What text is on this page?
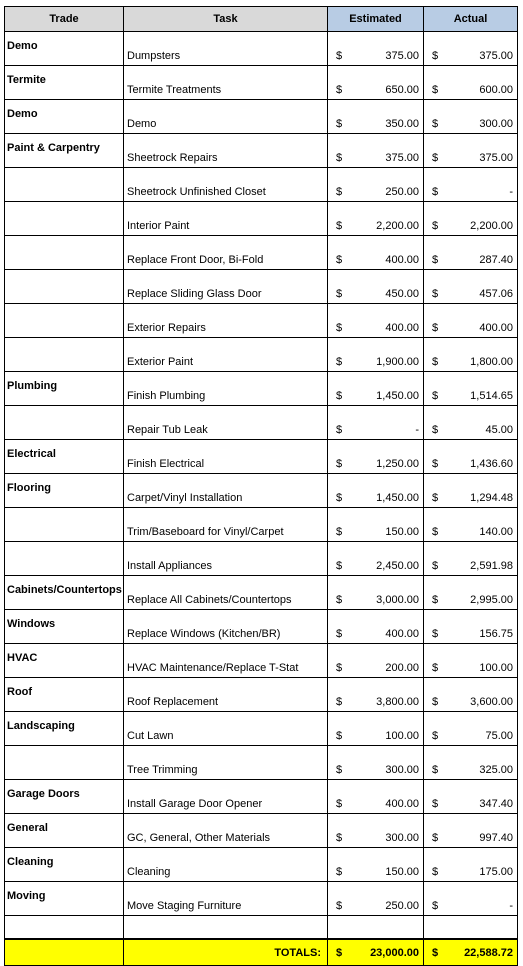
Trade	Task	Estimated	Actual
Demo	Dumpsters	$ 375.00	$ 375.00

Termite	Termite Treatments	$ 650.00	$ 600.00

Demo	Demo	$ 350.00	$ 300.00

Paint & Carpentry	Sheetrock Repairs	$ 375.00	$ 375.00

	Sheetrock Unfinished Closet	$ 250.00	$ -

	Interior Paint	$ 2,200.00	$ 2,200.00

	Replace Front Door, Bi-Fold	$ 400.00	$ 287.40

	Replace Sliding Glass Door	$ 450.00	$ 457.06

	Exterior Repairs	$ 400.00	$ 400.00

	Exterior Paint	$ 1,900.00	$ 1,800.00

Plumbing	Finish Plumbing	$ 1,450.00	$ 1,514.65

	Repair Tub Leak	$ -	$ 45.00

Electrical	Finish Electrical	$ 1,250.00	$ 1,436.60

Flooring	Carpet/Vinyl Installation	$ 1,450.00	$ 1,294.48

	Trim/Baseboard for Vinyl/Carpet	$ 150.00	$ 140.00

	Install Appliances	$ 2,450.00	$ 2,591.98

Cabinets/Countertops	Replace All Cabinets/Countertops	$ 3,000.00	$ 2,995.00

Windows	Replace Windows (Kitchen/BR)	$ 400.00	$ 156.75

HVAC	HVAC Maintenance/Replace T-Stat	$ 200.00	$ 100.00

Roof	Roof Replacement	$ 3,800.00	$ 3,600.00

Landscaping	Cut Lawn	$ 100.00	$ 75.00

	Tree Trimming	$ 300.00	$ 325.00

Garage Doors	Install Garage Door Opener	$ 400.00	$ 347.40

General	GC, General, Other Materials	$ 300.00	$ 997.40

Cleaning	Cleaning	$ 150.00	$ 175.00

Moving	Move Staging Furniture	$ 250.00	$ -

	TOTALS:	$ 23,000.00	$ 22,588.72
